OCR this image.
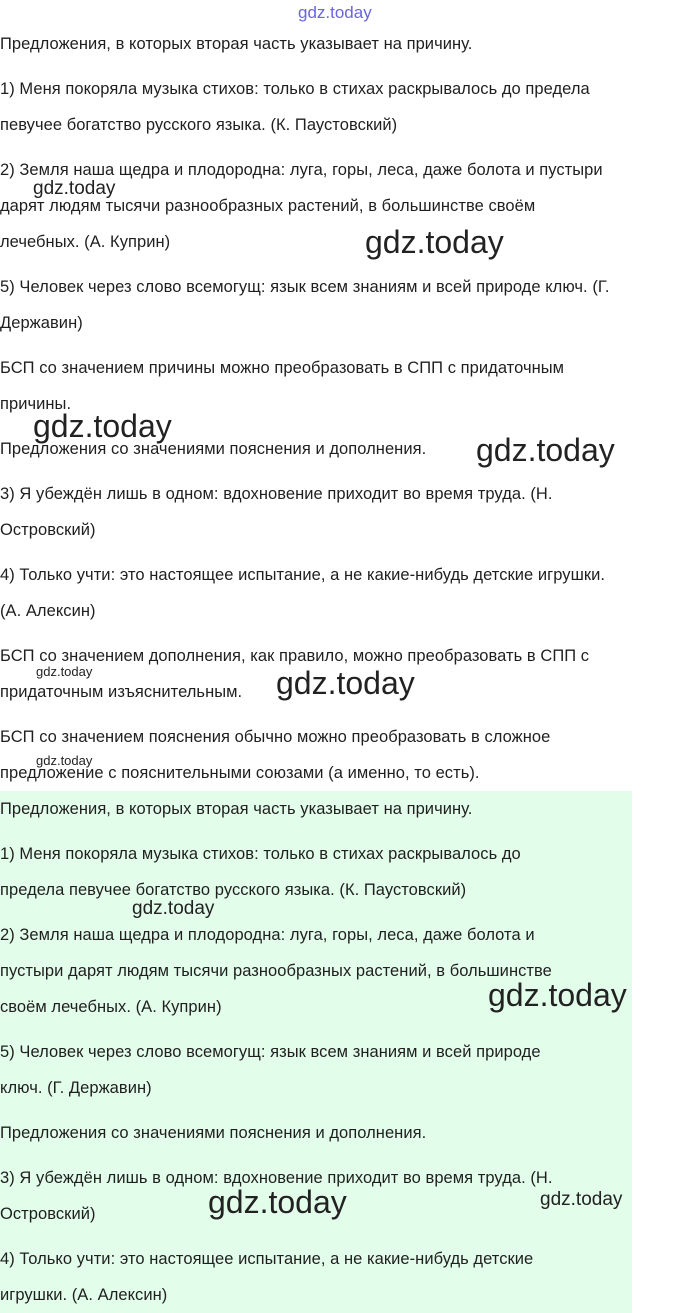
gdz.today
Предложения, в которых вторая часть указывает на причину.
1) Меня покоряла музыка стихов: только в стихах раскрывалось до предела
певучее богатство русского языка. (К. Паустовский)
2) Земля наша щедра и плодородна: луга, горы, леса, даже болота и пустыри
дарят людям тысячи разнообразных растений, в большинстве своём
лечебных. (А. Куприн)
5) Человек через слово всемогущ: язык всем знаниям и всей природе ключ. (Г.
Державин)
БСП со значением причины можно преобразовать в СПП с придаточным
причины.
Предложения со значениями пояснения и дополнения.
3) Я убеждён лишь в одном: вдохновение приходит во время труда. (Н.
Островский)
4) Только учти: это настоящее испытание, а не какие-нибудь детские игрушки.
(А. Алексин)
БСП со значением дополнения, как правило, можно преобразовать в СПП с
придаточным изъяснительным.
БСП со значением пояснения обычно можно преобразовать в сложное
предложение с пояснительными союзами (а именно, то есть).
Предложения, в которых вторая часть указывает на причину.
1) Меня покоряла музыка стихов: только в стихах раскрывалось до
предела певучее богатство русского языка. (К. Паустовский)
2) Земля наша щедра и плодородна: луга, горы, леса, даже болота и
пустыри дарят людям тысячи разнообразных растений, в большинстве
своём лечебных. (А. Куприн)
5) Человек через слово всемогущ: язык всем знаниям и всей природе
ключ. (Г. Державин)
Предложения со значениями пояснения и дополнения.
3) Я убеждён лишь в одном: вдохновение приходит во время труда. (Н.
Островский)
4) Только учти: это настоящее испытание, а не какие-нибудь детские
игрушки. (А. Алексин)
gdz.today
gdz.today
gdz.today
gdz.today
gdz.today	gdz.today
gdz.today
gdz.today
gdz.today
gdz.today	gdz.today
